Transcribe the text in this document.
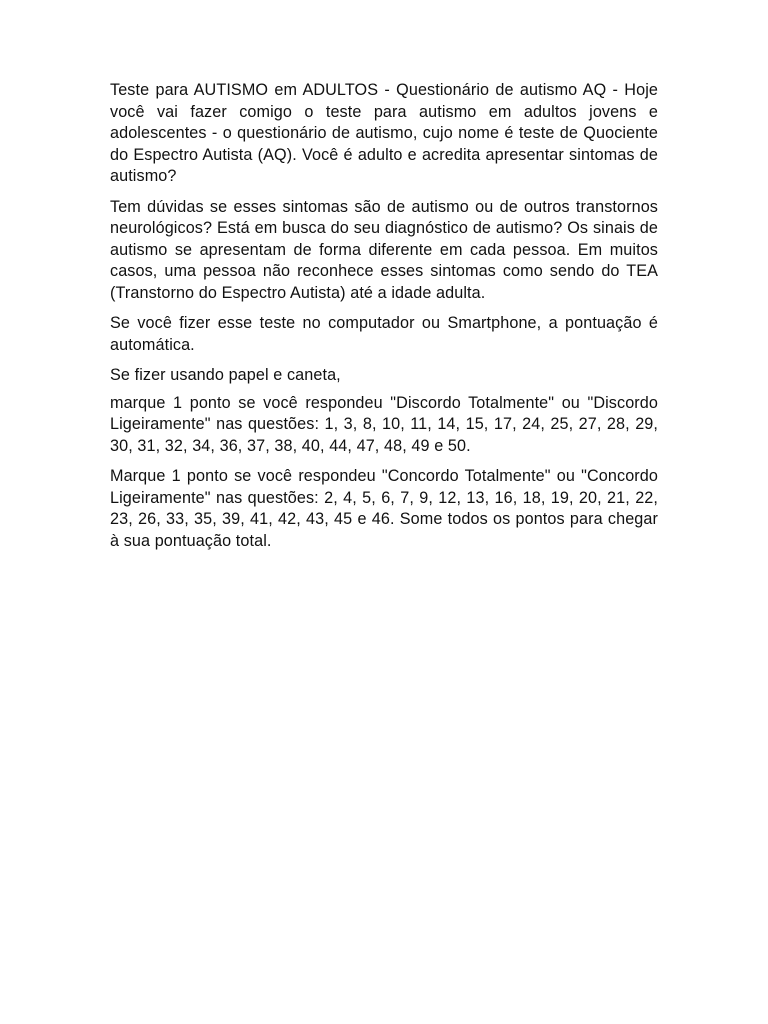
Teste para AUTISMO em ADULTOS - Questionário de autismo AQ - Hoje você vai fazer comigo o teste para autismo em adultos jovens e adolescentes - o questionário de autismo, cujo nome é teste de Quociente do Espectro Autista (AQ). Você é adulto e acredita apresentar sintomas de autismo?

Tem dúvidas se esses sintomas são de autismo ou de outros transtornos neurológicos? Está em busca do seu diagnóstico de autismo? Os sinais de autismo se apresentam de forma diferente em cada pessoa. Em muitos casos, uma pessoa não reconhece esses sintomas como sendo do TEA (Transtorno do Espectro Autista) até a idade adulta.

Se você fizer esse teste no computador ou Smartphone, a pontuação é automática.

Se fizer usando papel e caneta,

marque 1 ponto se você respondeu "Discordo Totalmente" ou "Discordo Ligeiramente" nas questões: 1, 3, 8, 10, 11, 14, 15, 17, 24, 25, 27, 28, 29, 30, 31, 32, 34, 36, 37, 38, 40, 44, 47, 48, 49 e 50.

Marque 1 ponto se você respondeu "Concordo Totalmente" ou "Concordo Ligeiramente" nas questões: 2, 4, 5, 6, 7, 9, 12, 13, 16, 18, 19, 20, 21, 22, 23, 26, 33, 35, 39, 41, 42, 43, 45 e 46. Some todos os pontos para chegar à sua pontuação total.
